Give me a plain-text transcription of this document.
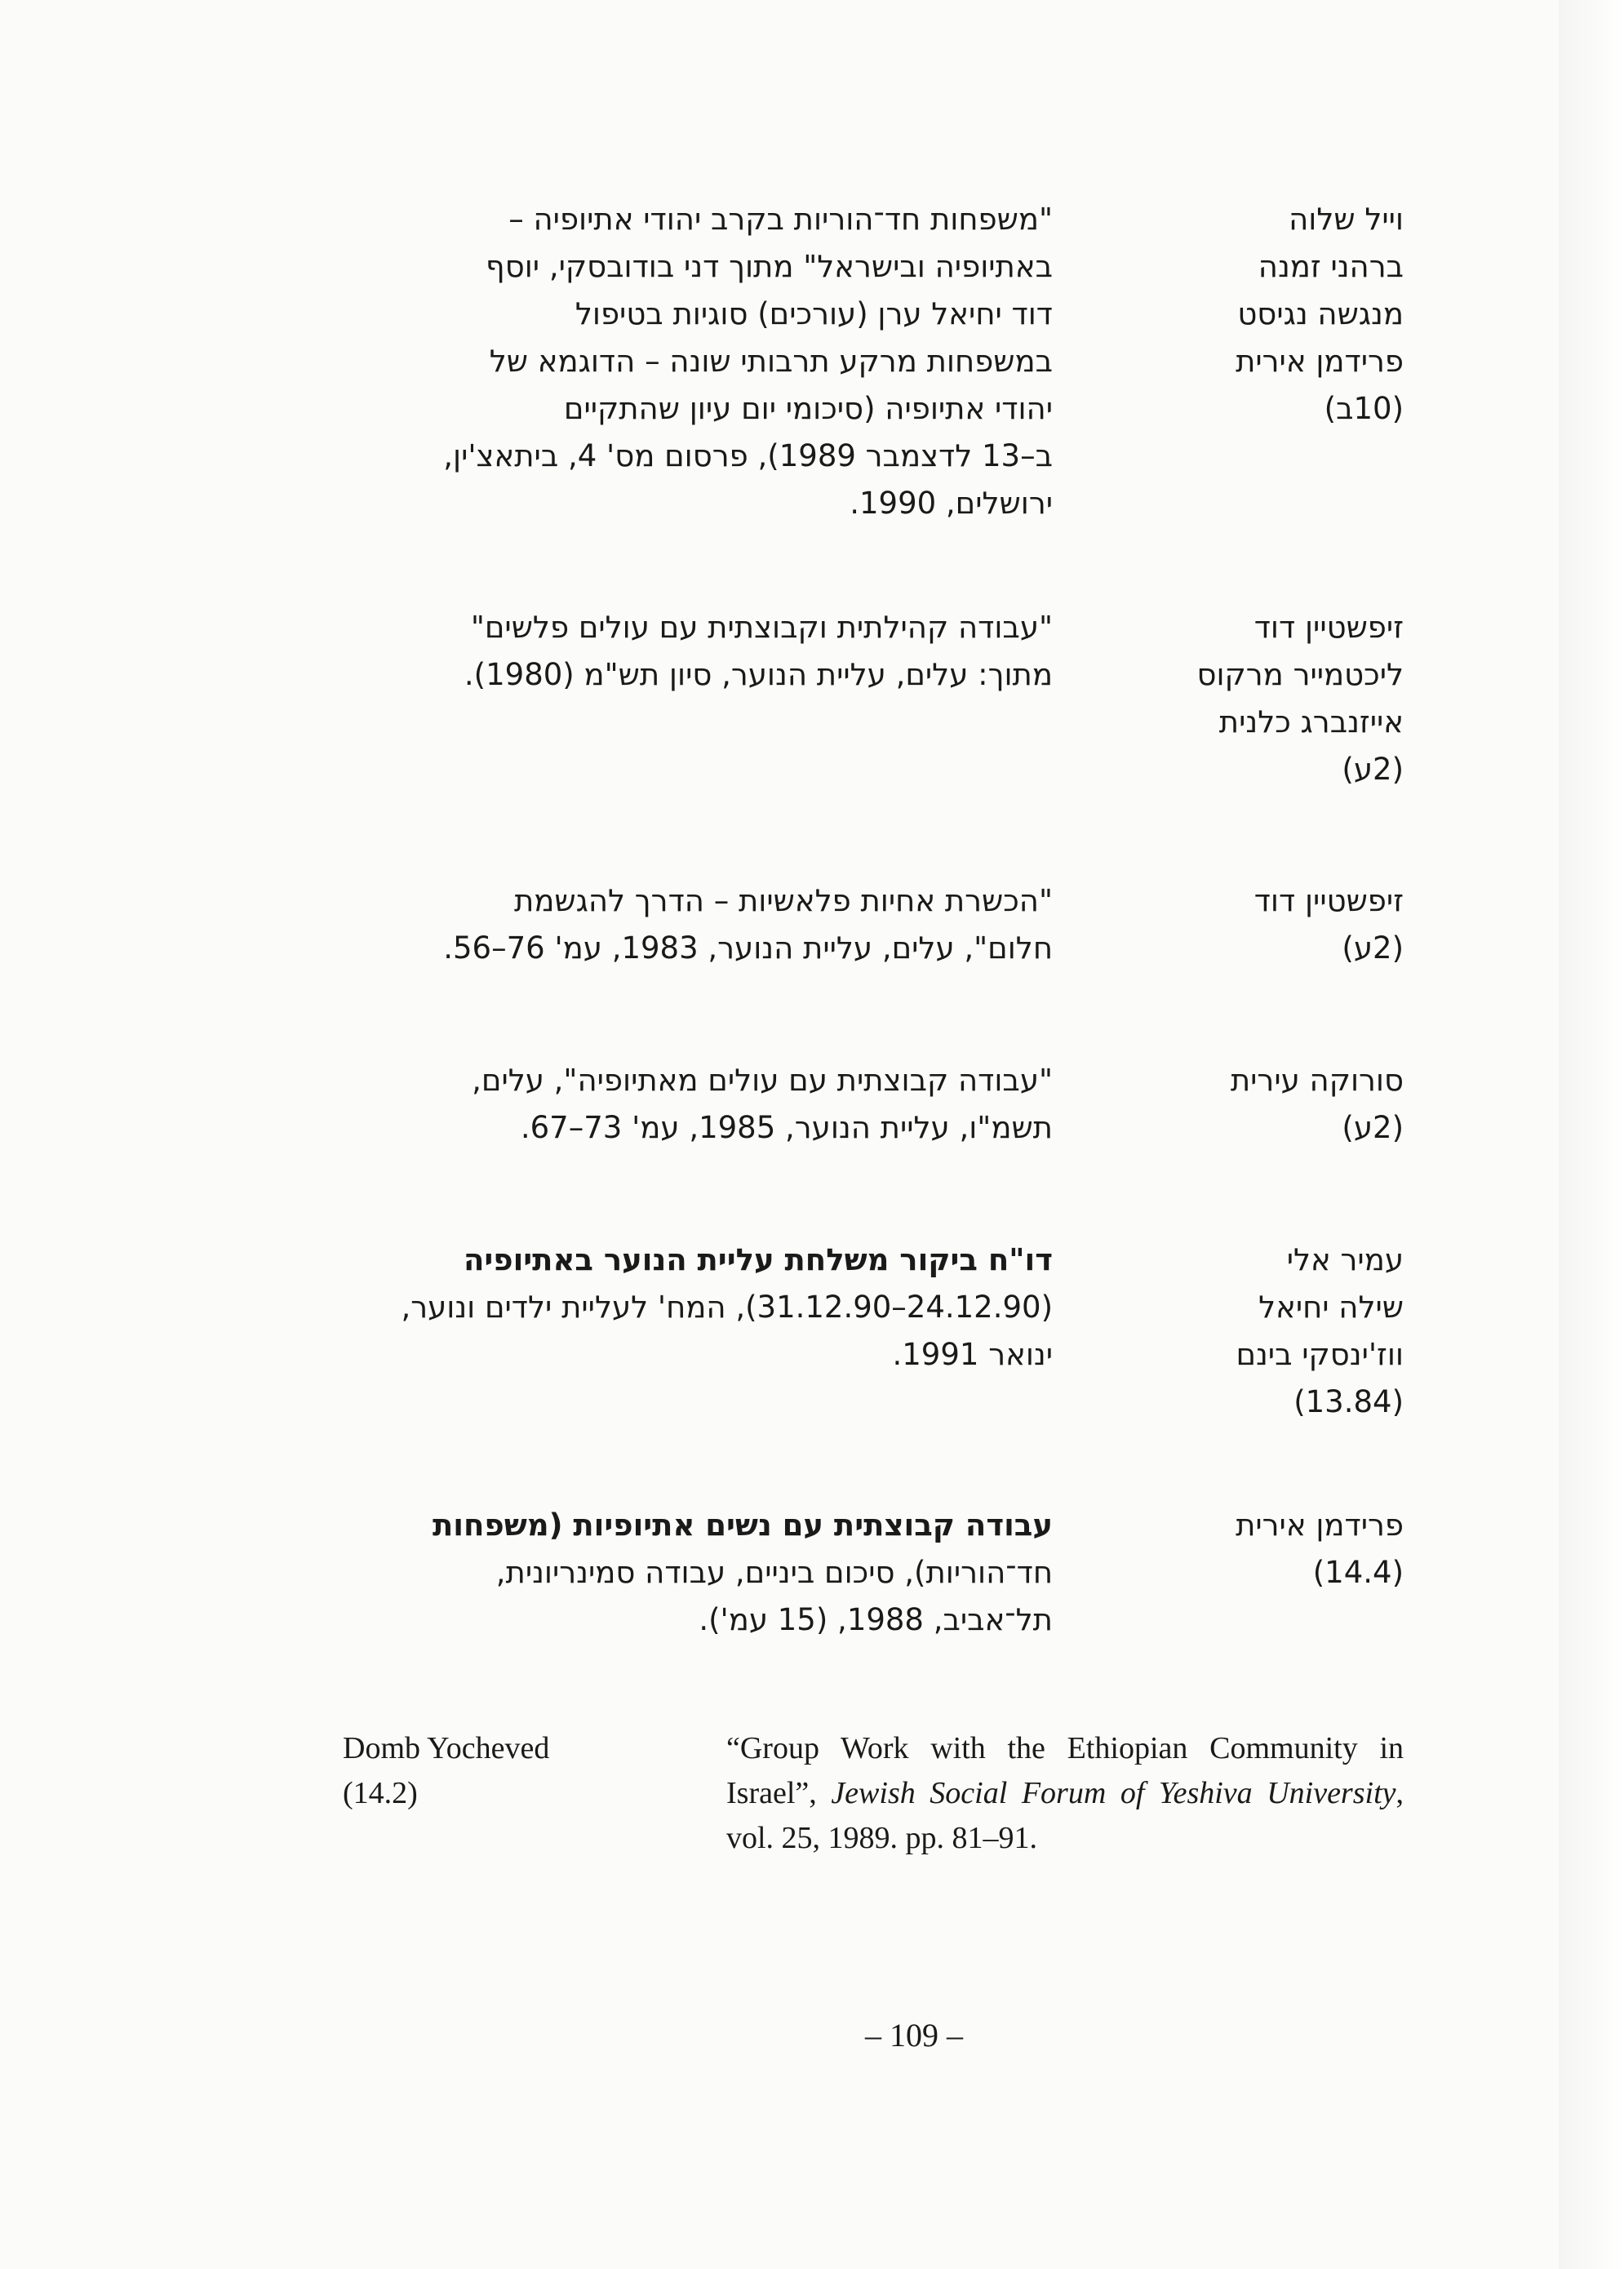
וייל שלוה
ברהני זמנה
מנגשה נגיסט
פרידמן אירית
(10ב)

"משפחות חד־הוריות בקרב יהודי אתיופיה –

באתיופיה ובישראל" מתוך דני בודובסקי, יוסף

דוד יחיאל ערן (עורכים) סוגיות בטיפול

במשפחות מרקע תרבותי שונה – הדוגמא של

יהודי אתיופיה (סיכומי יום עיון שהתקיים

ב–13 לדצמבר 1989), פרסום מס' 4, ביתאצ'ין,

ירושלים, 1990.

זיפשטיין דוד
ליכטמייר מרקוס
אייזנברג כלנית
(2ע)

"עבודה קהילתית וקבוצתית עם עולים פלשים"

מתוך: עלים, עליית הנוער, סיון תש"מ (1980).

זיפשטיין דוד
(2ע)

"הכשרת אחיות פלאשיות – הדרך להגשמת

חלום", עלים, עליית הנוער, 1983, עמ' 76–56.

סורוקה עירית
(2ע)

"עבודה קבוצתית עם עולים מאתיופיה", עלים,

תשמ"ו, עליית הנוער, 1985, עמ' 73–67.

עמיר אלי
שילה יחיאל
ווז'ינסקי בינם
(13.84)

דו"ח ביקור משלחת עליית הנוער באתיופיה

(24.12.90–31.12.90), המח' לעליית ילדים ונוער,

ינואר 1991.

פרידמן אירית
(14.4)

עבודה קבוצתית עם נשים אתיופיות (משפחות

חד־הוריות), סיכום ביניים, עבודה סמינריונית,

תל־אביב, 1988, (15 עמ').

Domb Yocheved
(14.2)
“Group Work with the Ethiopian Community in Israel”, Jewish Social Forum of Yeshiva University, vol. 25, 1989. pp. 81–91.
– 109 –
